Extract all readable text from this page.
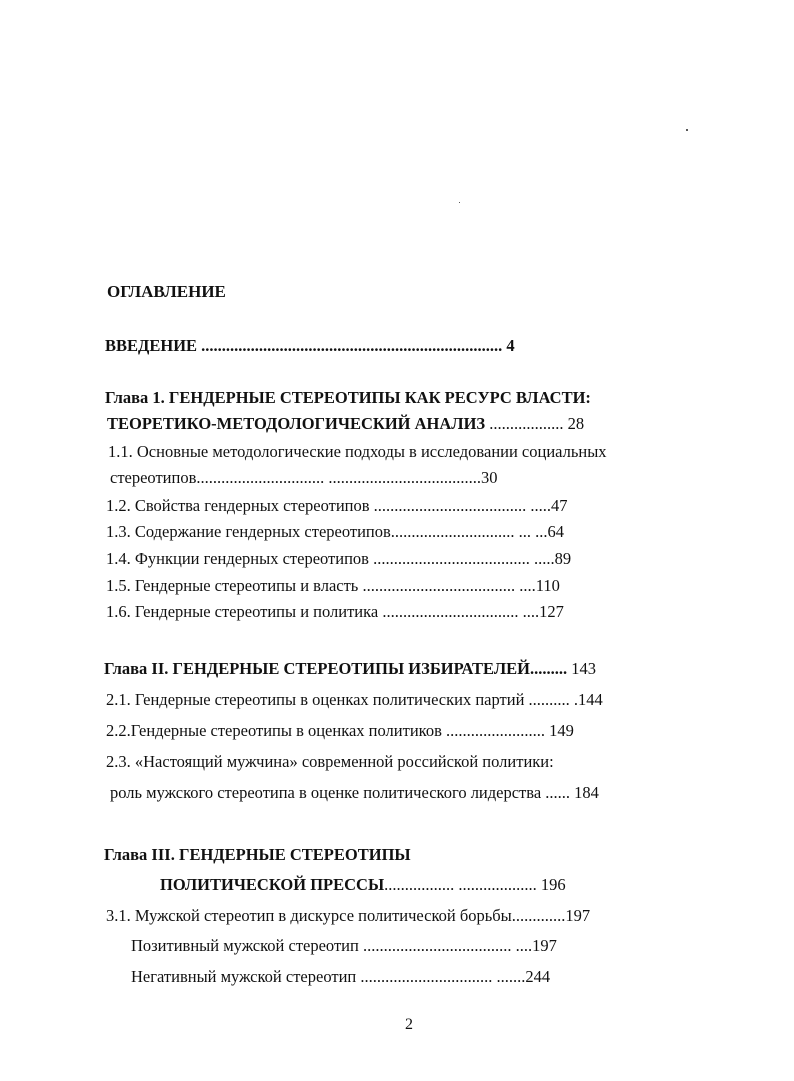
ОГЛАВЛЕНИЕ
ВВЕДЕНИЕ ......................................................................... 4
Глава 1. ГЕНДЕРНЫЕ СТЕРЕОТИПЫ КАК РЕСУРС ВЛАСТИ:
ТЕОРЕТИКО-МЕТОДОЛОГИЧЕСКИЙ АНАЛИЗ .................. 28
1.1. Основные методологические подходы в исследовании социальных
стереотипов............................... .....................................30
1.2. Свойства гендерных стереотипов ..................................... .....47
1.3. Содержание гендерных стереотипов.............................. ... ...64
1.4. Функции гендерных стереотипов ...................................... .....89
1.5. Гендерные стереотипы и власть ..................................... ....110
1.6. Гендерные стереотипы и политика ................................. ....127
Глава II. ГЕНДЕРНЫЕ СТЕРЕОТИПЫ ИЗБИРАТЕЛЕЙ......... 143
2.1. Гендерные стереотипы в оценках политических партий .......... .144
2.2.Гендерные стереотипы в оценках политиков ........................ 149
2.3. «Настоящий мужчина» современной российской политики:
роль мужского стереотипа в оценке политического лидерства ...... 184
Глава III. ГЕНДЕРНЫЕ СТЕРЕОТИПЫ
ПОЛИТИЧЕСКОЙ ПРЕССЫ................. ................... 196
3.1. Мужской стереотип в дискурсе политической борьбы.............197
Позитивный мужской стереотип .................................... ....197
Негативный мужской стереотип ................................ .......244
2
